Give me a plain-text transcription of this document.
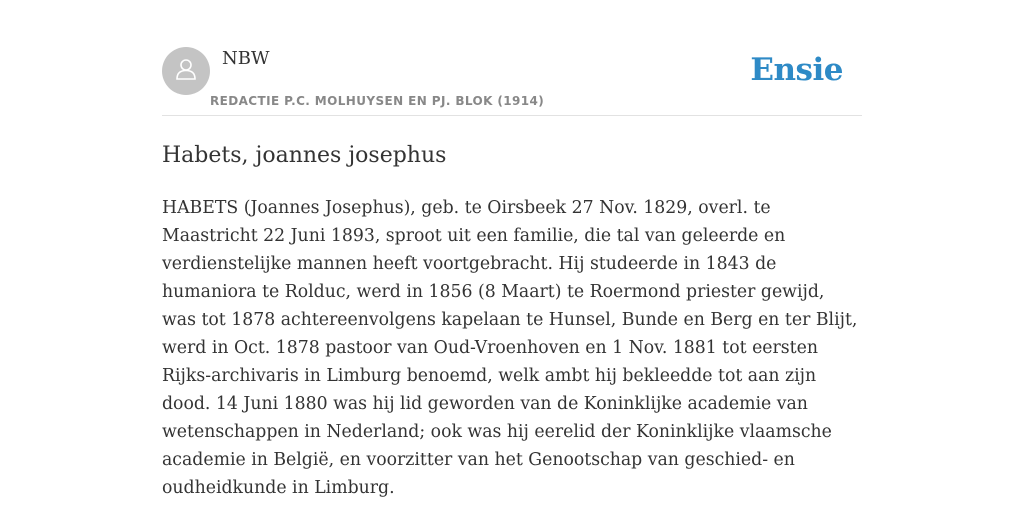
NBW
REDACTIE P.C. MOLHUYSEN EN PJ. BLOK (1914)
Ensie
Habets, joannes josephus

HABETS (Joannes Josephus), geb. te Oirsbeek 27 Nov. 1829, overl. te Maastricht 22 Juni 1893, sproot uit een familie, die tal van geleerde en verdienstelijke mannen heeft voortgebracht. Hij studeerde in 1843 de humaniora te Rolduc, werd in 1856 (8 Maart) te Roermond priester gewijd, was tot 1878 achtereenvolgens kapelaan te Hunsel, Bunde en Berg en ter Blijt, werd in Oct. 1878 pastoor van Oud-Vroenhoven en 1 Nov. 1881 tot eersten Rijks-archivaris in Limburg benoemd, welk ambt hij bekleedde tot aan zijn dood. 14 Juni 1880 was hij lid geworden van de Koninklijke academie van wetenschappen in Nederland; ook was hij eerelid der Koninklijke vlaamsche academie in België, en voorzitter van het Genootschap van geschied- en oudheidkunde in Limburg.
